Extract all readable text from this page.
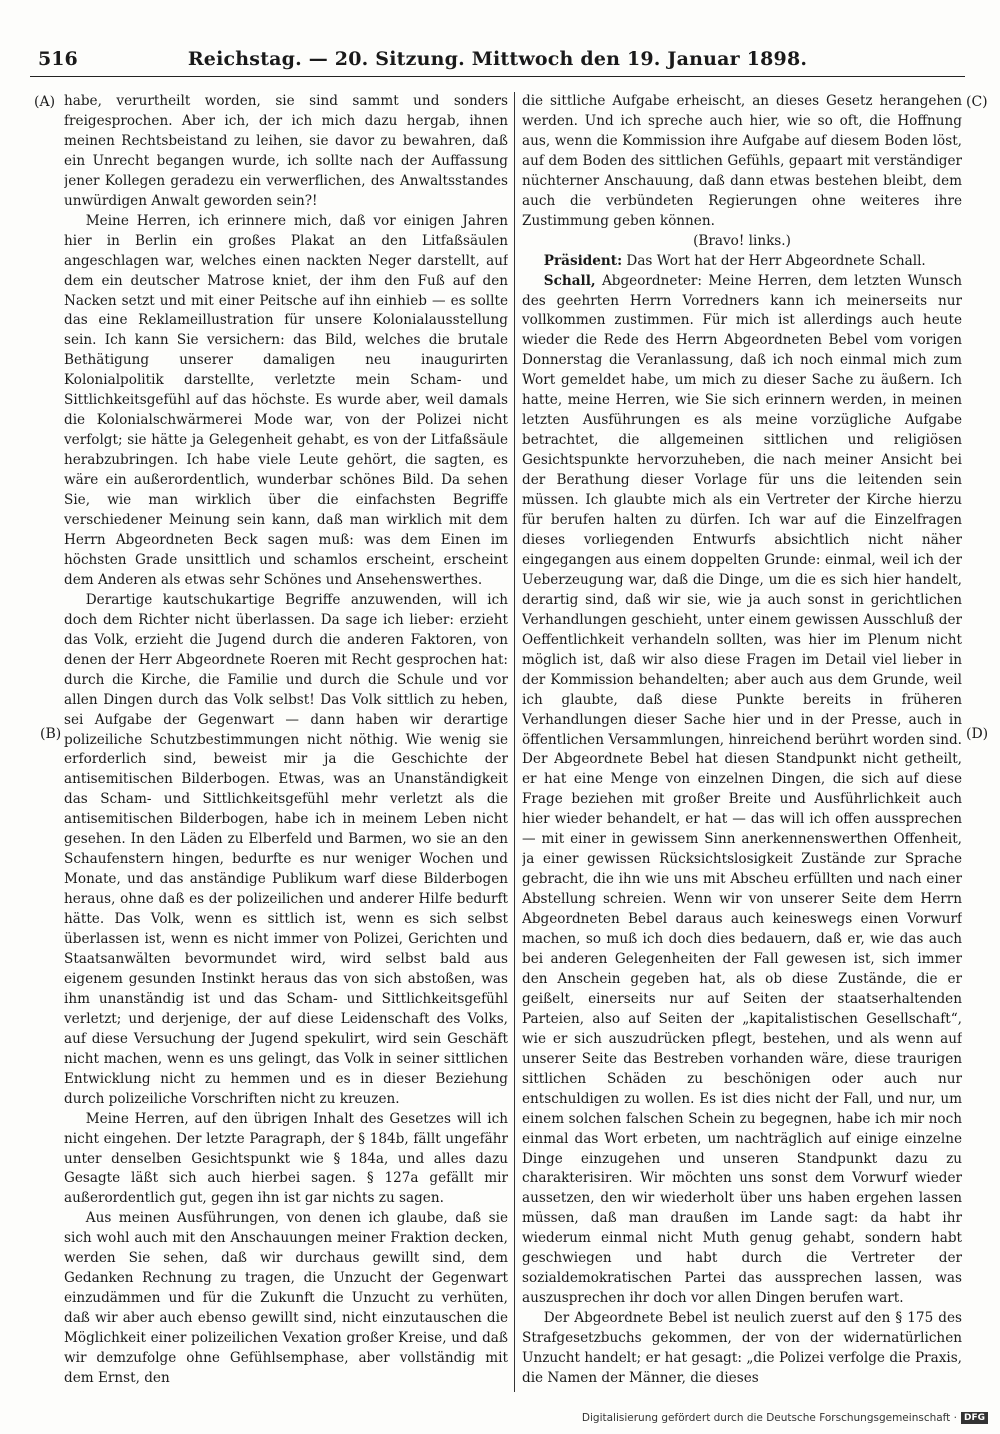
516	Reichstag. — 20. Sitzung. Mittwoch den 19. Januar 1898.
(A)
(B)
(C)
(D)

habe, verurtheilt worden, sie sind sammt und sonders freigesprochen. Aber ich, der ich mich dazu hergab, ihnen meinen Rechtsbeistand zu leihen, sie davor zu bewahren, daß ein Unrecht begangen wurde, ich sollte nach der Auffassung jener Kollegen geradezu ein verwerflichen, des Anwaltsstandes unwürdigen Anwalt geworden sein?!

Meine Herren, ich erinnere mich, daß vor einigen Jahren hier in Berlin ein großes Plakat an den Litfaßsäulen angeschlagen war, welches einen nackten Neger darstellt, auf dem ein deutscher Matrose kniet, der ihm den Fuß auf den Nacken setzt und mit einer Peitsche auf ihn einhieb — es sollte das eine Reklameillustration für unsere Kolonialausstellung sein. Ich kann Sie versichern: das Bild, welches die brutale Bethätigung unserer damaligen neu inaugurirten Kolonialpolitik darstellte, verletzte mein Scham- und Sittlichkeitsgefühl auf das höchste. Es wurde aber, weil damals die Kolonialschwärmerei Mode war, von der Polizei nicht verfolgt; sie hätte ja Gelegenheit gehabt, es von der Litfaßsäule herabzubringen. Ich habe viele Leute gehört, die sagten, es wäre ein außerordentlich, wunderbar schönes Bild. Da sehen Sie, wie man wirklich über die einfachsten Begriffe verschiedener Meinung sein kann, daß man wirklich mit dem Herrn Abgeordneten Beck sagen muß: was dem Einen im höchsten Grade unsittlich und schamlos erscheint, erscheint dem Anderen als etwas sehr Schönes und Ansehenswerthes.

Derartige kautschukartige Begriffe anzuwenden, will ich doch dem Richter nicht überlassen. Da sage ich lieber: erzieht das Volk, erzieht die Jugend durch die anderen Faktoren, von denen der Herr Abgeordnete Roeren mit Recht gesprochen hat: durch die Kirche, die Familie und durch die Schule und vor allen Dingen durch das Volk selbst! Das Volk sittlich zu heben, sei Aufgabe der Gegenwart — dann haben wir derartige polizeiliche Schutzbestimmungen nicht nöthig. Wie wenig sie erforderlich sind, beweist mir ja die Geschichte der antisemitischen Bilderbogen. Etwas, was an Unanständigkeit das Scham- und Sittlichkeitsgefühl mehr verletzt als die antisemitischen Bilderbogen, habe ich in meinem Leben nicht gesehen. In den Läden zu Elberfeld und Barmen, wo sie an den Schaufenstern hingen, bedurfte es nur weniger Wochen und Monate, und das anständige Publikum warf diese Bilderbogen heraus, ohne daß es der polizeilichen und anderer Hilfe bedurft hätte. Das Volk, wenn es sittlich ist, wenn es sich selbst überlassen ist, wenn es nicht immer von Polizei, Gerichten und Staatsanwälten bevormundet wird, wird selbst bald aus eigenem gesunden Instinkt heraus das von sich abstoßen, was ihm unanständig ist und das Scham- und Sittlichkeitsgefühl verletzt; und derjenige, der auf diese Leidenschaft des Volks, auf diese Versuchung der Jugend spekulirt, wird sein Geschäft nicht machen, wenn es uns gelingt, das Volk in seiner sittlichen Entwicklung nicht zu hemmen und es in dieser Beziehung durch polizeiliche Vorschriften nicht zu kreuzen.

Meine Herren, auf den übrigen Inhalt des Gesetzes will ich nicht eingehen. Der letzte Paragraph, der § 184b, fällt ungefähr unter denselben Gesichtspunkt wie § 184a, und alles dazu Gesagte läßt sich auch hierbei sagen. § 127a gefällt mir außerordentlich gut, gegen ihn ist gar nichts zu sagen.

Aus meinen Ausführungen, von denen ich glaube, daß sie sich wohl auch mit den Anschauungen meiner Fraktion decken, werden Sie sehen, daß wir durchaus gewillt sind, dem Gedanken Rechnung zu tragen, die Unzucht der Gegenwart einzudämmen und für die Zukunft die Unzucht zu verhüten, daß wir aber auch ebenso gewillt sind, nicht einzutauschen die Möglichkeit einer polizeilichen Vexation großer Kreise, und daß wir demzufolge ohne Gefühlsemphase, aber vollständig mit dem Ernst, den

die sittliche Aufgabe erheischt, an dieses Gesetz herangehen werden. Und ich spreche auch hier, wie so oft, die Hoffnung aus, wenn die Kommission ihre Aufgabe auf diesem Boden löst, auf dem Boden des sittlichen Gefühls, gepaart mit verständiger nüchterner Anschauung, daß dann etwas bestehen bleibt, dem auch die verbündeten Regierungen ohne weiteres ihre Zustimmung geben können.

(Bravo! links.)

Präsident: Das Wort hat der Herr Abgeordnete Schall.

Schall, Abgeordneter: Meine Herren, dem letzten Wunsch des geehrten Herrn Vorredners kann ich meinerseits nur vollkommen zustimmen. Für mich ist allerdings auch heute wieder die Rede des Herrn Abgeordneten Bebel vom vorigen Donnerstag die Veranlassung, daß ich noch einmal mich zum Wort gemeldet habe, um mich zu dieser Sache zu äußern. Ich hatte, meine Herren, wie Sie sich erinnern werden, in meinen letzten Ausführungen es als meine vorzügliche Aufgabe betrachtet, die allgemeinen sittlichen und religiösen Gesichtspunkte hervorzuheben, die nach meiner Ansicht bei der Berathung dieser Vorlage für uns die leitenden sein müssen. Ich glaubte mich als ein Vertreter der Kirche hierzu für berufen halten zu dürfen. Ich war auf die Einzelfragen dieses vorliegenden Entwurfs absichtlich nicht näher eingegangen aus einem doppelten Grunde: einmal, weil ich der Ueberzeugung war, daß die Dinge, um die es sich hier handelt, derartig sind, daß wir sie, wie ja auch sonst in gerichtlichen Verhandlungen geschieht, unter einem gewissen Ausschluß der Oeffentlichkeit verhandeln sollten, was hier im Plenum nicht möglich ist, daß wir also diese Fragen im Detail viel lieber in der Kommission behandelten; aber auch aus dem Grunde, weil ich glaubte, daß diese Punkte bereits in früheren Verhandlungen dieser Sache hier und in der Presse, auch in öffentlichen Versammlungen, hinreichend berührt worden sind. Der Abgeordnete Bebel hat diesen Standpunkt nicht getheilt, er hat eine Menge von einzelnen Dingen, die sich auf diese Frage beziehen mit großer Breite und Ausführlichkeit auch hier wieder behandelt, er hat — das will ich offen aussprechen — mit einer in gewissem Sinn anerkennenswerthen Offenheit, ja einer gewissen Rücksichtslosigkeit Zustände zur Sprache gebracht, die ihn wie uns mit Abscheu erfüllten und nach einer Abstellung schreien. Wenn wir von unserer Seite dem Herrn Abgeordneten Bebel daraus auch keineswegs einen Vorwurf machen, so muß ich doch dies bedauern, daß er, wie das auch bei anderen Gelegenheiten der Fall gewesen ist, sich immer den Anschein gegeben hat, als ob diese Zustände, die er geißelt, einerseits nur auf Seiten der staatserhaltenden Parteien, also auf Seiten der „kapitalistischen Gesellschaft“, wie er sich auszudrücken pflegt, bestehen, und als wenn auf unserer Seite das Bestreben vorhanden wäre, diese traurigen sittlichen Schäden zu beschönigen oder auch nur entschuldigen zu wollen. Es ist dies nicht der Fall, und nur, um einem solchen falschen Schein zu begegnen, habe ich mir noch einmal das Wort erbeten, um nachträglich auf einige einzelne Dinge einzugehen und unseren Standpunkt dazu zu charakterisiren. Wir möchten uns sonst dem Vorwurf wieder aussetzen, den wir wiederholt über uns haben ergehen lassen müssen, daß man draußen im Lande sagt: da habt ihr wiederum einmal nicht Muth genug gehabt, sondern habt geschwiegen und habt durch die Vertreter der sozialdemokratischen Partei das aussprechen lassen, was auszusprechen ihr doch vor allen Dingen berufen wart.

Der Abgeordnete Bebel ist neulich zuerst auf den § 175 des Strafgesetzbuchs gekommen, der von der widernatürlichen Unzucht handelt; er hat gesagt: „die Polizei verfolge die Praxis, die Namen der Männer, die dieses

Digitalisierung gefördert durch die Deutsche Forschungsgemeinschaft · DFG
